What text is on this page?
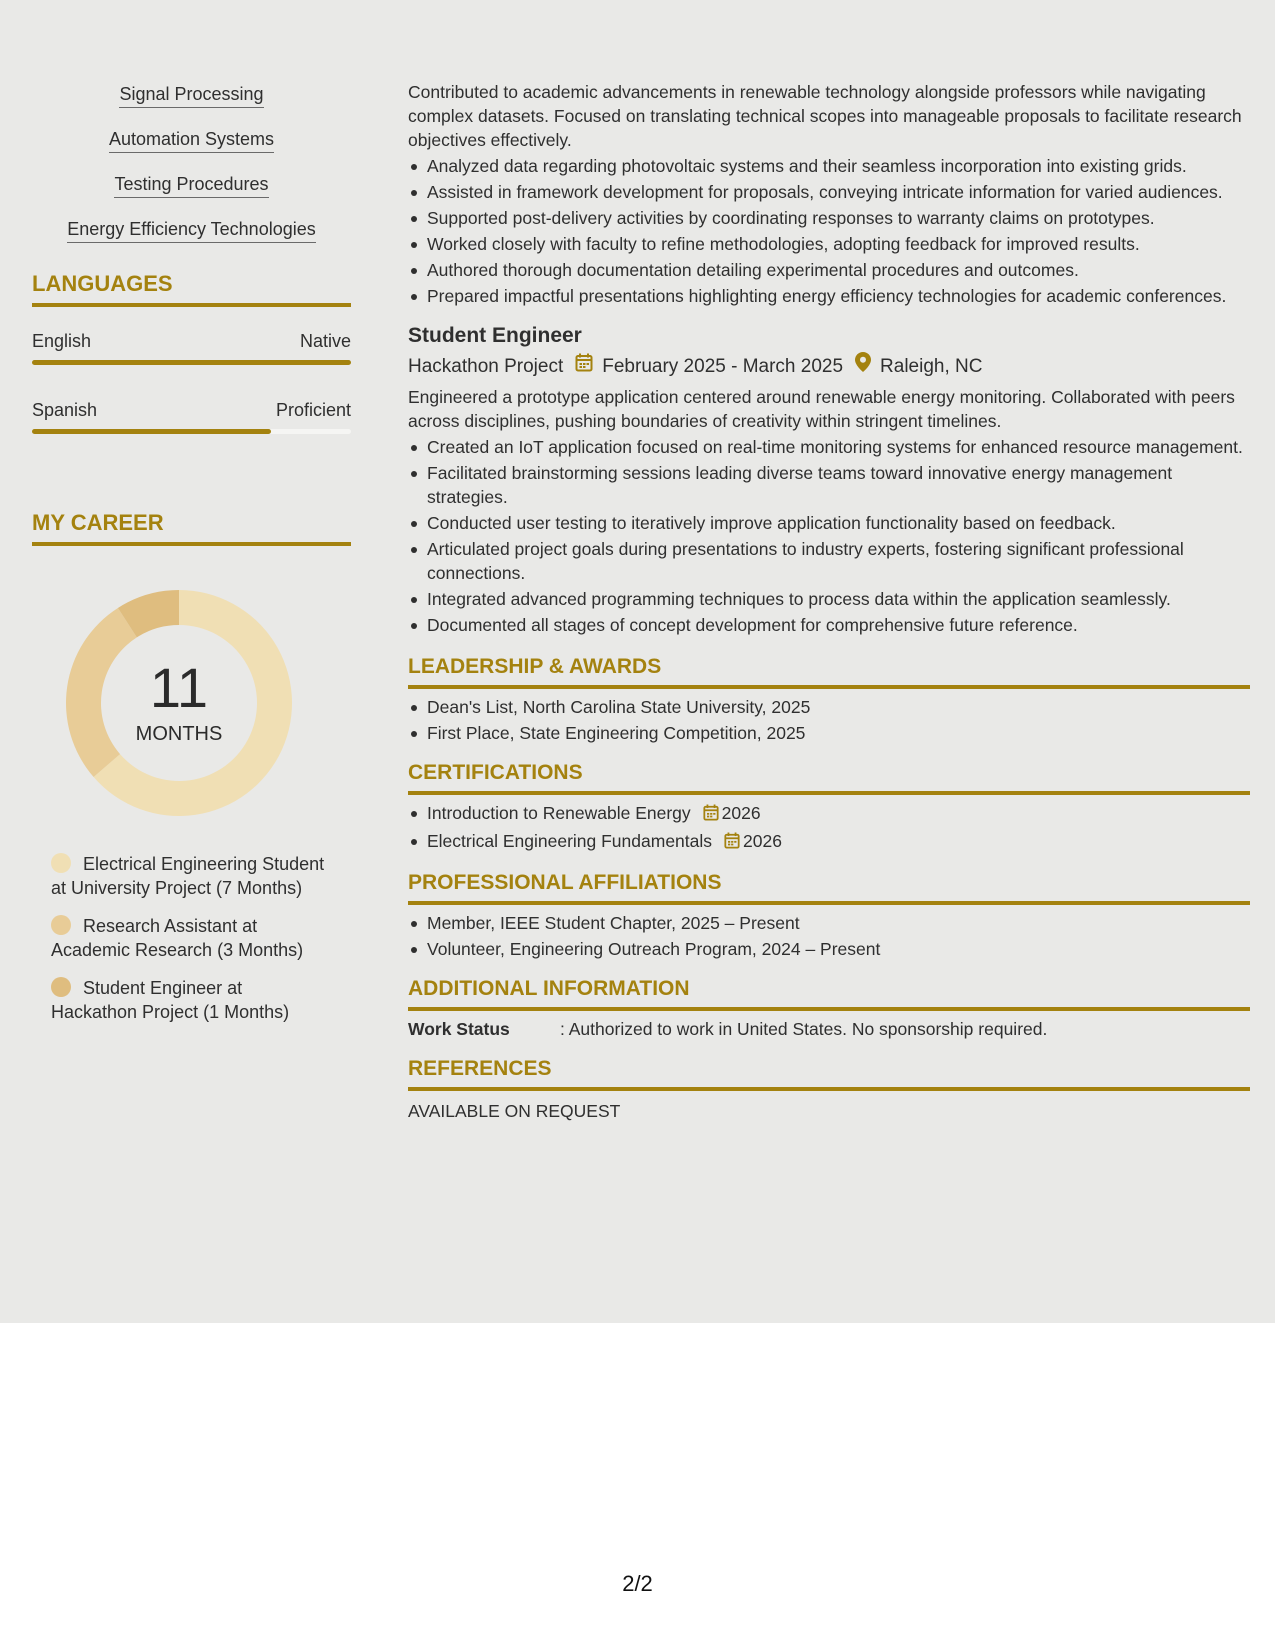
Signal Processing
Automation Systems
Testing Procedures
Energy Efficiency Technologies
LANGUAGES
English	Native
Spanish	Proficient
MY CAREER
11
MONTHS
Electrical Engineering Student at University Project (7 Months)
Research Assistant at Academic Research (3 Months)
Student Engineer at Hackathon Project (1 Months)
Contributed to academic advancements in renewable technology alongside professors while navigating complex datasets. Focused on translating technical scopes into manageable proposals to facilitate research objectives effectively.
Analyzed data regarding photovoltaic systems and their seamless incorporation into existing grids.
Assisted in framework development for proposals, conveying intricate information for varied audiences.
Supported post-delivery activities by coordinating responses to warranty claims on prototypes.
Worked closely with faculty to refine methodologies, adopting feedback for improved results.
Authored thorough documentation detailing experimental procedures and outcomes.
Prepared impactful presentations highlighting energy efficiency technologies for academic conferences.
Student Engineer
Hackathon Project February 2025 - March 2025 Raleigh, NC
Engineered a prototype application centered around renewable energy monitoring. Collaborated with peers across disciplines, pushing boundaries of creativity within stringent timelines.
Created an IoT application focused on real-time monitoring systems for enhanced resource management.
Facilitated brainstorming sessions leading diverse teams toward innovative energy management strategies.
Conducted user testing to iteratively improve application functionality based on feedback.
Articulated project goals during presentations to industry experts, fostering significant professional connections.
Integrated advanced programming techniques to process data within the application seamlessly.
Documented all stages of concept development for comprehensive future reference.
LEADERSHIP & AWARDS
Dean's List, North Carolina State University, 2025
First Place, State Engineering Competition, 2025
CERTIFICATIONS
Introduction to Renewable Energy 2026
Electrical Engineering Fundamentals 2026
PROFESSIONAL AFFILIATIONS
Member, IEEE Student Chapter, 2025 – Present
Volunteer, Engineering Outreach Program, 2024 – Present
ADDITIONAL INFORMATION
Work Status	: Authorized to work in United States. No sponsorship required.
REFERENCES
AVAILABLE ON REQUEST
2/2
